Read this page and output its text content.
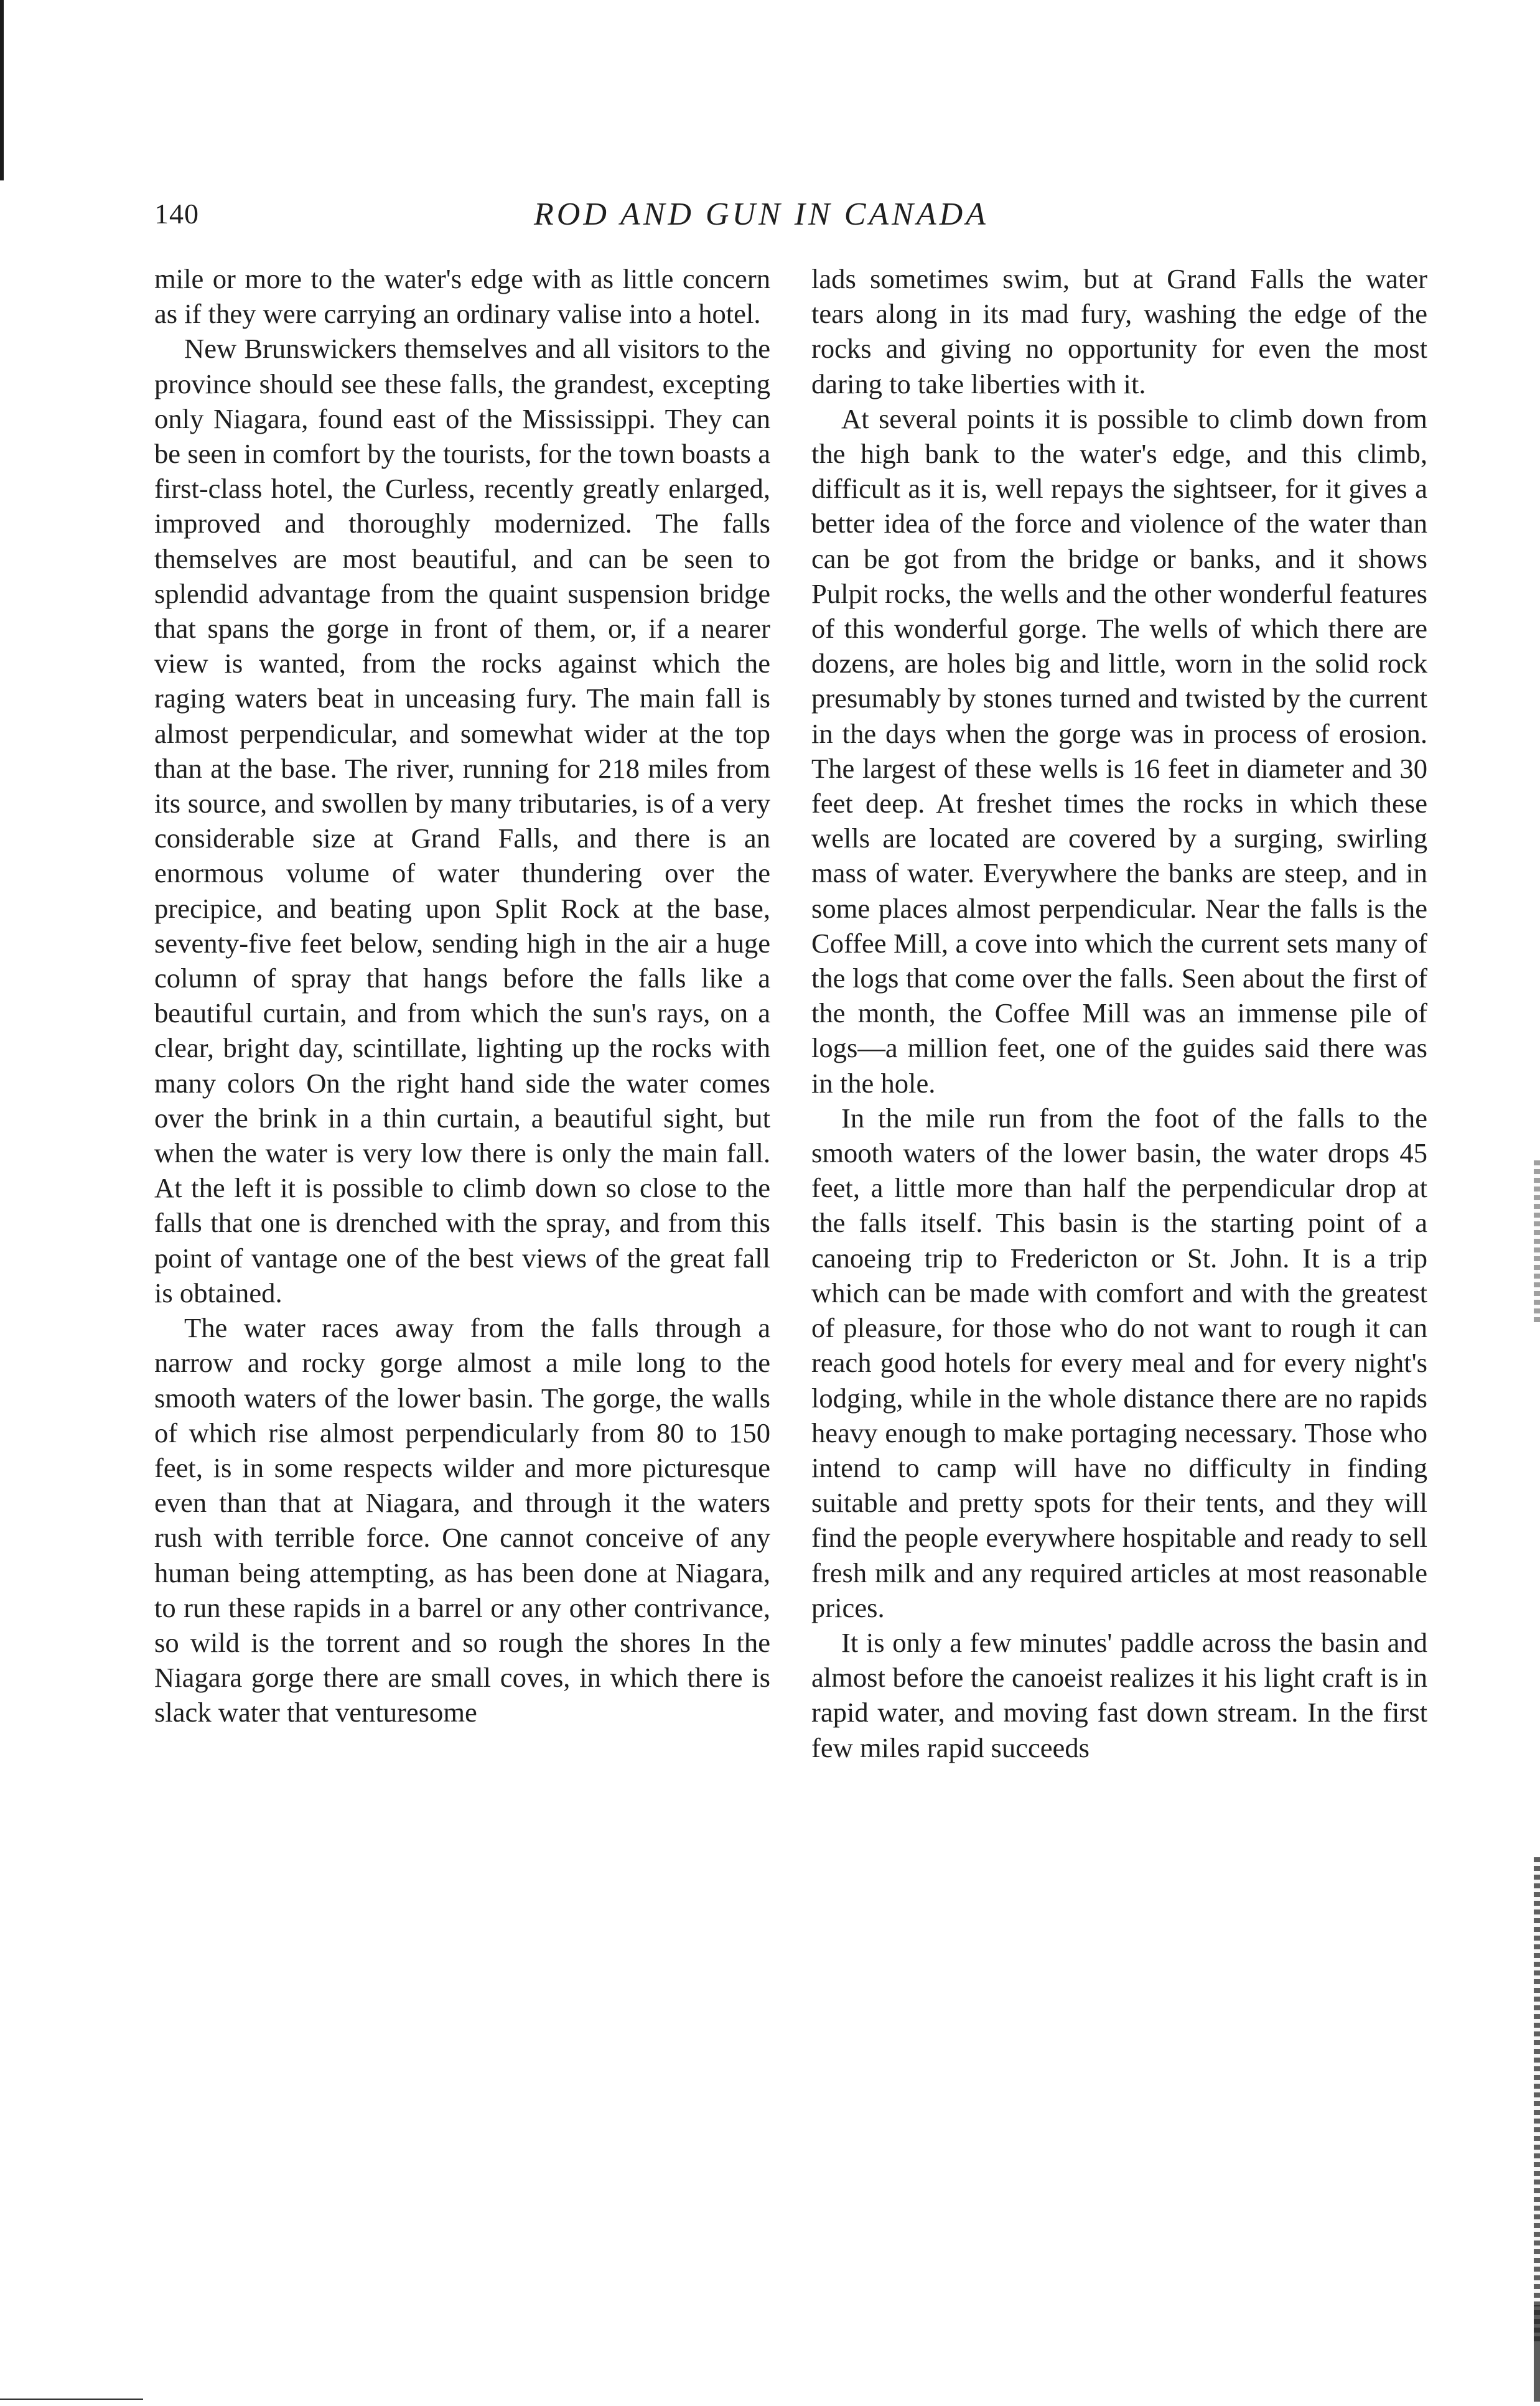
140	ROD AND GUN IN CANADA

mile or more to the water's edge with as little concern as if they were carrying an ordinary valise into a hotel.

New Brunswickers themselves and all visitors to the province should see these falls, the grandest, excepting only Niagara, found east of the Mississippi. They can be seen in comfort by the tourists, for the town boasts a first-class hotel, the Curless, recently greatly enlarged, improved and thoroughly modernized. The falls themselves are most beautiful, and can be seen to splendid advantage from the quaint suspension bridge that spans the gorge in front of them, or, if a nearer view is wanted, from the rocks against which the raging waters beat in unceasing fury. The main fall is almost perpendicular, and somewhat wider at the top than at the base. The river, running for 218 miles from its source, and swollen by many tributaries, is of a very considerable size at Grand Falls, and there is an enormous volume of water thundering over the precipice, and beating upon Split Rock at the base, seventy-five feet below, sending high in the air a huge column of spray that hangs before the falls like a beautiful curtain, and from which the sun's rays, on a clear, bright day, scintillate, lighting up the rocks with many colors On the right hand side the water comes over the brink in a thin curtain, a beautiful sight, but when the water is very low there is only the main fall. At the left it is possible to climb down so close to the falls that one is drenched with the spray, and from this point of vantage one of the best views of the great fall is obtained.

The water races away from the falls through a narrow and rocky gorge almost a mile long to the smooth waters of the lower basin. The gorge, the walls of which rise almost perpendicularly from 80 to 150 feet, is in some respects wilder and more picturesque even than that at Niagara, and through it the waters rush with terrible force. One cannot conceive of any human being attempting, as has been done at Niagara, to run these rapids in a barrel or any other contrivance, so wild is the torrent and so rough the shores In the Niagara gorge there are small coves, in which there is slack water that venturesome

lads sometimes swim, but at Grand Falls the water tears along in its mad fury, washing the edge of the rocks and giving no opportunity for even the most daring to take liberties with it.

At several points it is possible to climb down from the high bank to the water's edge, and this climb, difficult as it is, well repays the sightseer, for it gives a better idea of the force and violence of the water than can be got from the bridge or banks, and it shows Pulpit rocks, the wells and the other wonderful features of this wonderful gorge. The wells of which there are dozens, are holes big and little, worn in the solid rock presumably by stones turned and twisted by the current in the days when the gorge was in process of erosion. The largest of these wells is 16 feet in diameter and 30 feet deep. At freshet times the rocks in which these wells are located are covered by a surging, swirling mass of water. Everywhere the banks are steep, and in some places almost perpendicular. Near the falls is the Coffee Mill, a cove into which the current sets many of the logs that come over the falls. Seen about the first of the month, the Coffee Mill was an immense pile of logs—a million feet, one of the guides said there was in the hole.

In the mile run from the foot of the falls to the smooth waters of the lower basin, the water drops 45 feet, a little more than half the perpendicular drop at the falls itself. This basin is the starting point of a canoeing trip to Fredericton or St. John. It is a trip which can be made with comfort and with the greatest of pleasure, for those who do not want to rough it can reach good hotels for every meal and for every night's lodging, while in the whole distance there are no rapids heavy enough to make portaging necessary. Those who intend to camp will have no difficulty in finding suitable and pretty spots for their tents, and they will find the people everywhere hospitable and ready to sell fresh milk and any required articles at most reasonable prices.

It is only a few minutes' paddle across the basin and almost before the canoeist realizes it his light craft is in rapid water, and moving fast down stream. In the first few miles rapid succeeds
